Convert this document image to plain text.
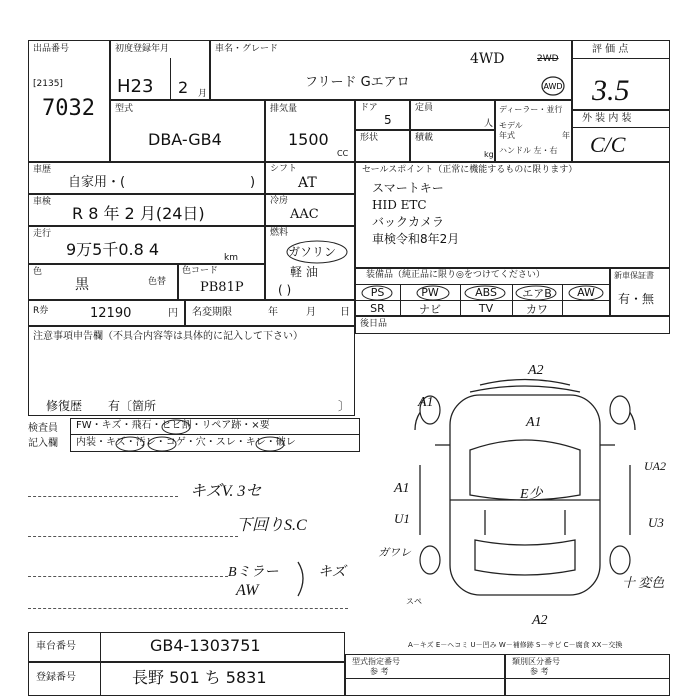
出品番号
[2135]
7032
初度登録年月
H23 2 月
車名・グレード
4WD	2WD
フリード Gエアロ	AWD
評 価 点
3.5
型式
DBA-GB4
排気量
1500
CC
ドア
5
定員
人
形状	積載
kg
ディーラー・並行
モデル
年式	年
ハンドル 左・右
外 装 内 装
C/C
車歴
自家用・(	)
シフト
AT
車検
R 8 年 2 月(24日)
冷房
AAC
走行
9万5千0.8 4	km
燃料
ガソリン
軽 油
( )
色
黒	色替
色コード
PB81P
セールスポイント（正常に機能するものに限ります）
スマートキー
HID ETC
バックカメラ
車検令和8年2月
装備品（純正品に限り◎をつけてください）
PS	PW	ABS	エアB	AW
SR	ナビ	TV	カワ
新車保証書
有・無
R券	12190	円 名変期限	年	月 日
後日品
注意事項申告欄（不具合内容等は具体的に記入して下さい）
修復歴 有〔箇所	〕
検査員
記入欄
FW・キズ・飛石・ヒビ割・リペア跡・×要
内装・キズ・汚レ・コゲ・穴・スレ・キレ・破レ
キズV. 3セ
下回りS.C
Bミラー
AW
キズ
A2
A1
A1
A1
UA2
U1	U3
E少
ガワレ
スペ
十 変色
A2
車台番号	GB4-1303751
登録番号	長野 501 ち 5831
A－キズ E－ヘコミ U－凹み W－補修跡 S－サビ C－腐食 XX－交換
型式指定番号
参 考
類別区分番号
参 考
